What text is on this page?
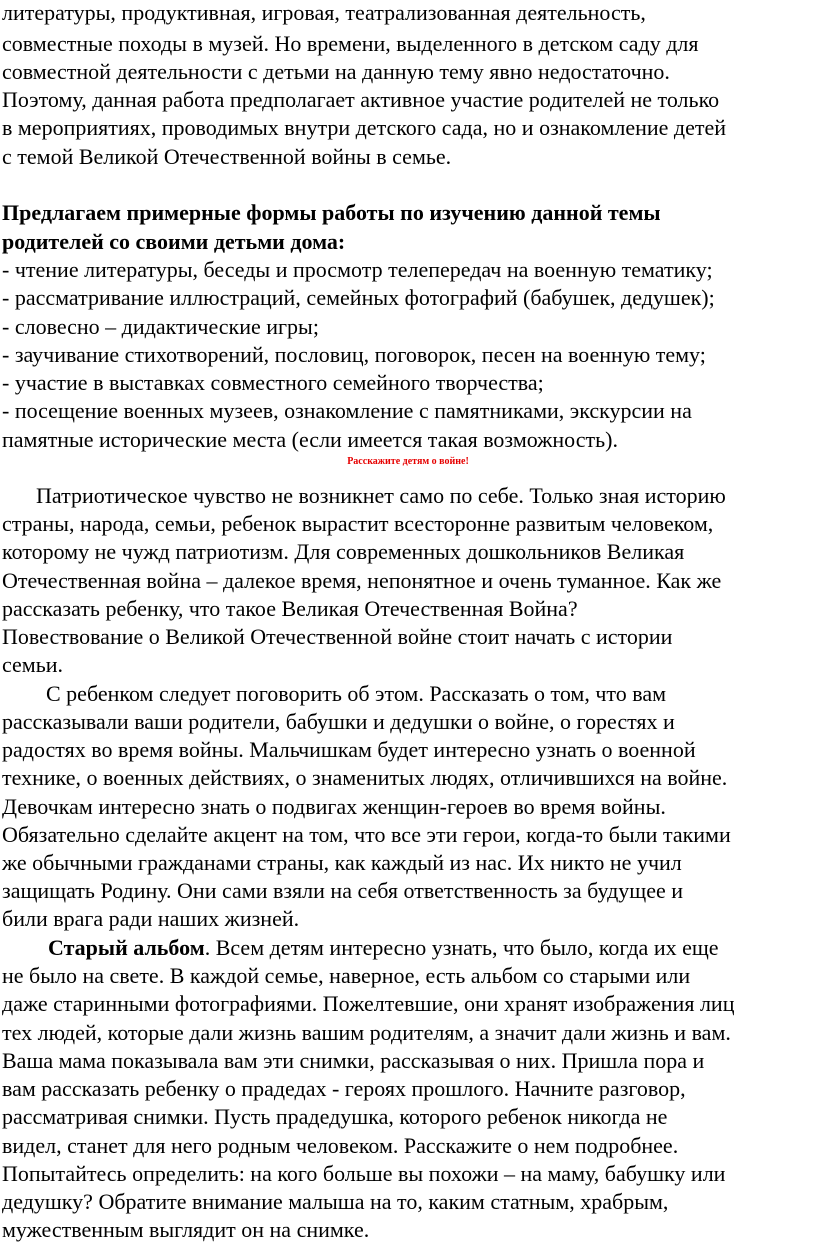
литературы, продуктивная, игровая, театрализованная деятельность,
совместные походы в музей. Но времени, выделенного в детском саду для
совместной деятельности с детьми на данную тему явно недостаточно.
Поэтому, данная работа предполагает активное участие родителей не только
в мероприятиях, проводимых внутри детского сада, но и ознакомление детей
с темой Великой Отечественной войны в семье.
Предлагаем примерные формы работы по изучению данной темы
родителей со своими детьми дома:
- чтение литературы, беседы и просмотр телепередач на военную тематику;
- рассматривание иллюстраций, семейных фотографий (бабушек, дедушек);
- словесно – дидактические игры;
- заучивание стихотворений, пословиц, поговорок, песен на военную тему;
- участие в выставках совместного семейного творчества;
- посещение военных музеев, ознакомление с памятниками, экскурсии на
памятные исторические места (если имеется такая возможность).
Расскажите детям о войне!
Патриотическое чувство не возникнет само по себе. Только зная историю
страны, народа, семьи, ребенок вырастит всесторонне развитым человеком,
которому не чужд патриотизм. Для современных дошкольников Великая
Отечественная война – далекое время, непонятное и очень туманное. Как же
рассказать ребенку, что такое Великая Отечественная Война?
Повествование о Великой Отечественной войне стоит начать с истории
семьи.
С ребенком следует поговорить об этом. Рассказать о том, что вам
рассказывали ваши родители, бабушки и дедушки о войне, о горестях и
радостях во время войны. Мальчишкам будет интересно узнать о военной
технике, о военных действиях, о знаменитых людях, отличившихся на войне.
Девочкам интересно знать о подвигах женщин-героев во время войны.
Обязательно сделайте акцент на том, что все эти герои, когда-то были такими
же обычными гражданами страны, как каждый из нас. Их никто не учил
защищать Родину. Они сами взяли на себя ответственность за будущее и
били врага ради наших жизней.
Старый альбом. Всем детям интересно узнать, что было, когда их еще
не было на свете. В каждой семье, наверное, есть альбом со старыми или
даже старинными фотографиями. Пожелтевшие, они хранят изображения лиц
тех людей, которые дали жизнь вашим родителям, а значит дали жизнь и вам.
Ваша мама показывала вам эти снимки, рассказывая о них. Пришла пора и
вам рассказать ребенку о прадедах - героях прошлого. Начните разговор,
рассматривая снимки. Пусть прадедушка, которого ребенок никогда не
видел, станет для него родным человеком. Расскажите о нем подробнее.
Попытайтесь определить: на кого больше вы похожи – на маму, бабушку или
дедушку? Обратите внимание малыша на то, каким статным, храбрым,
мужественным выглядит он на снимке.
